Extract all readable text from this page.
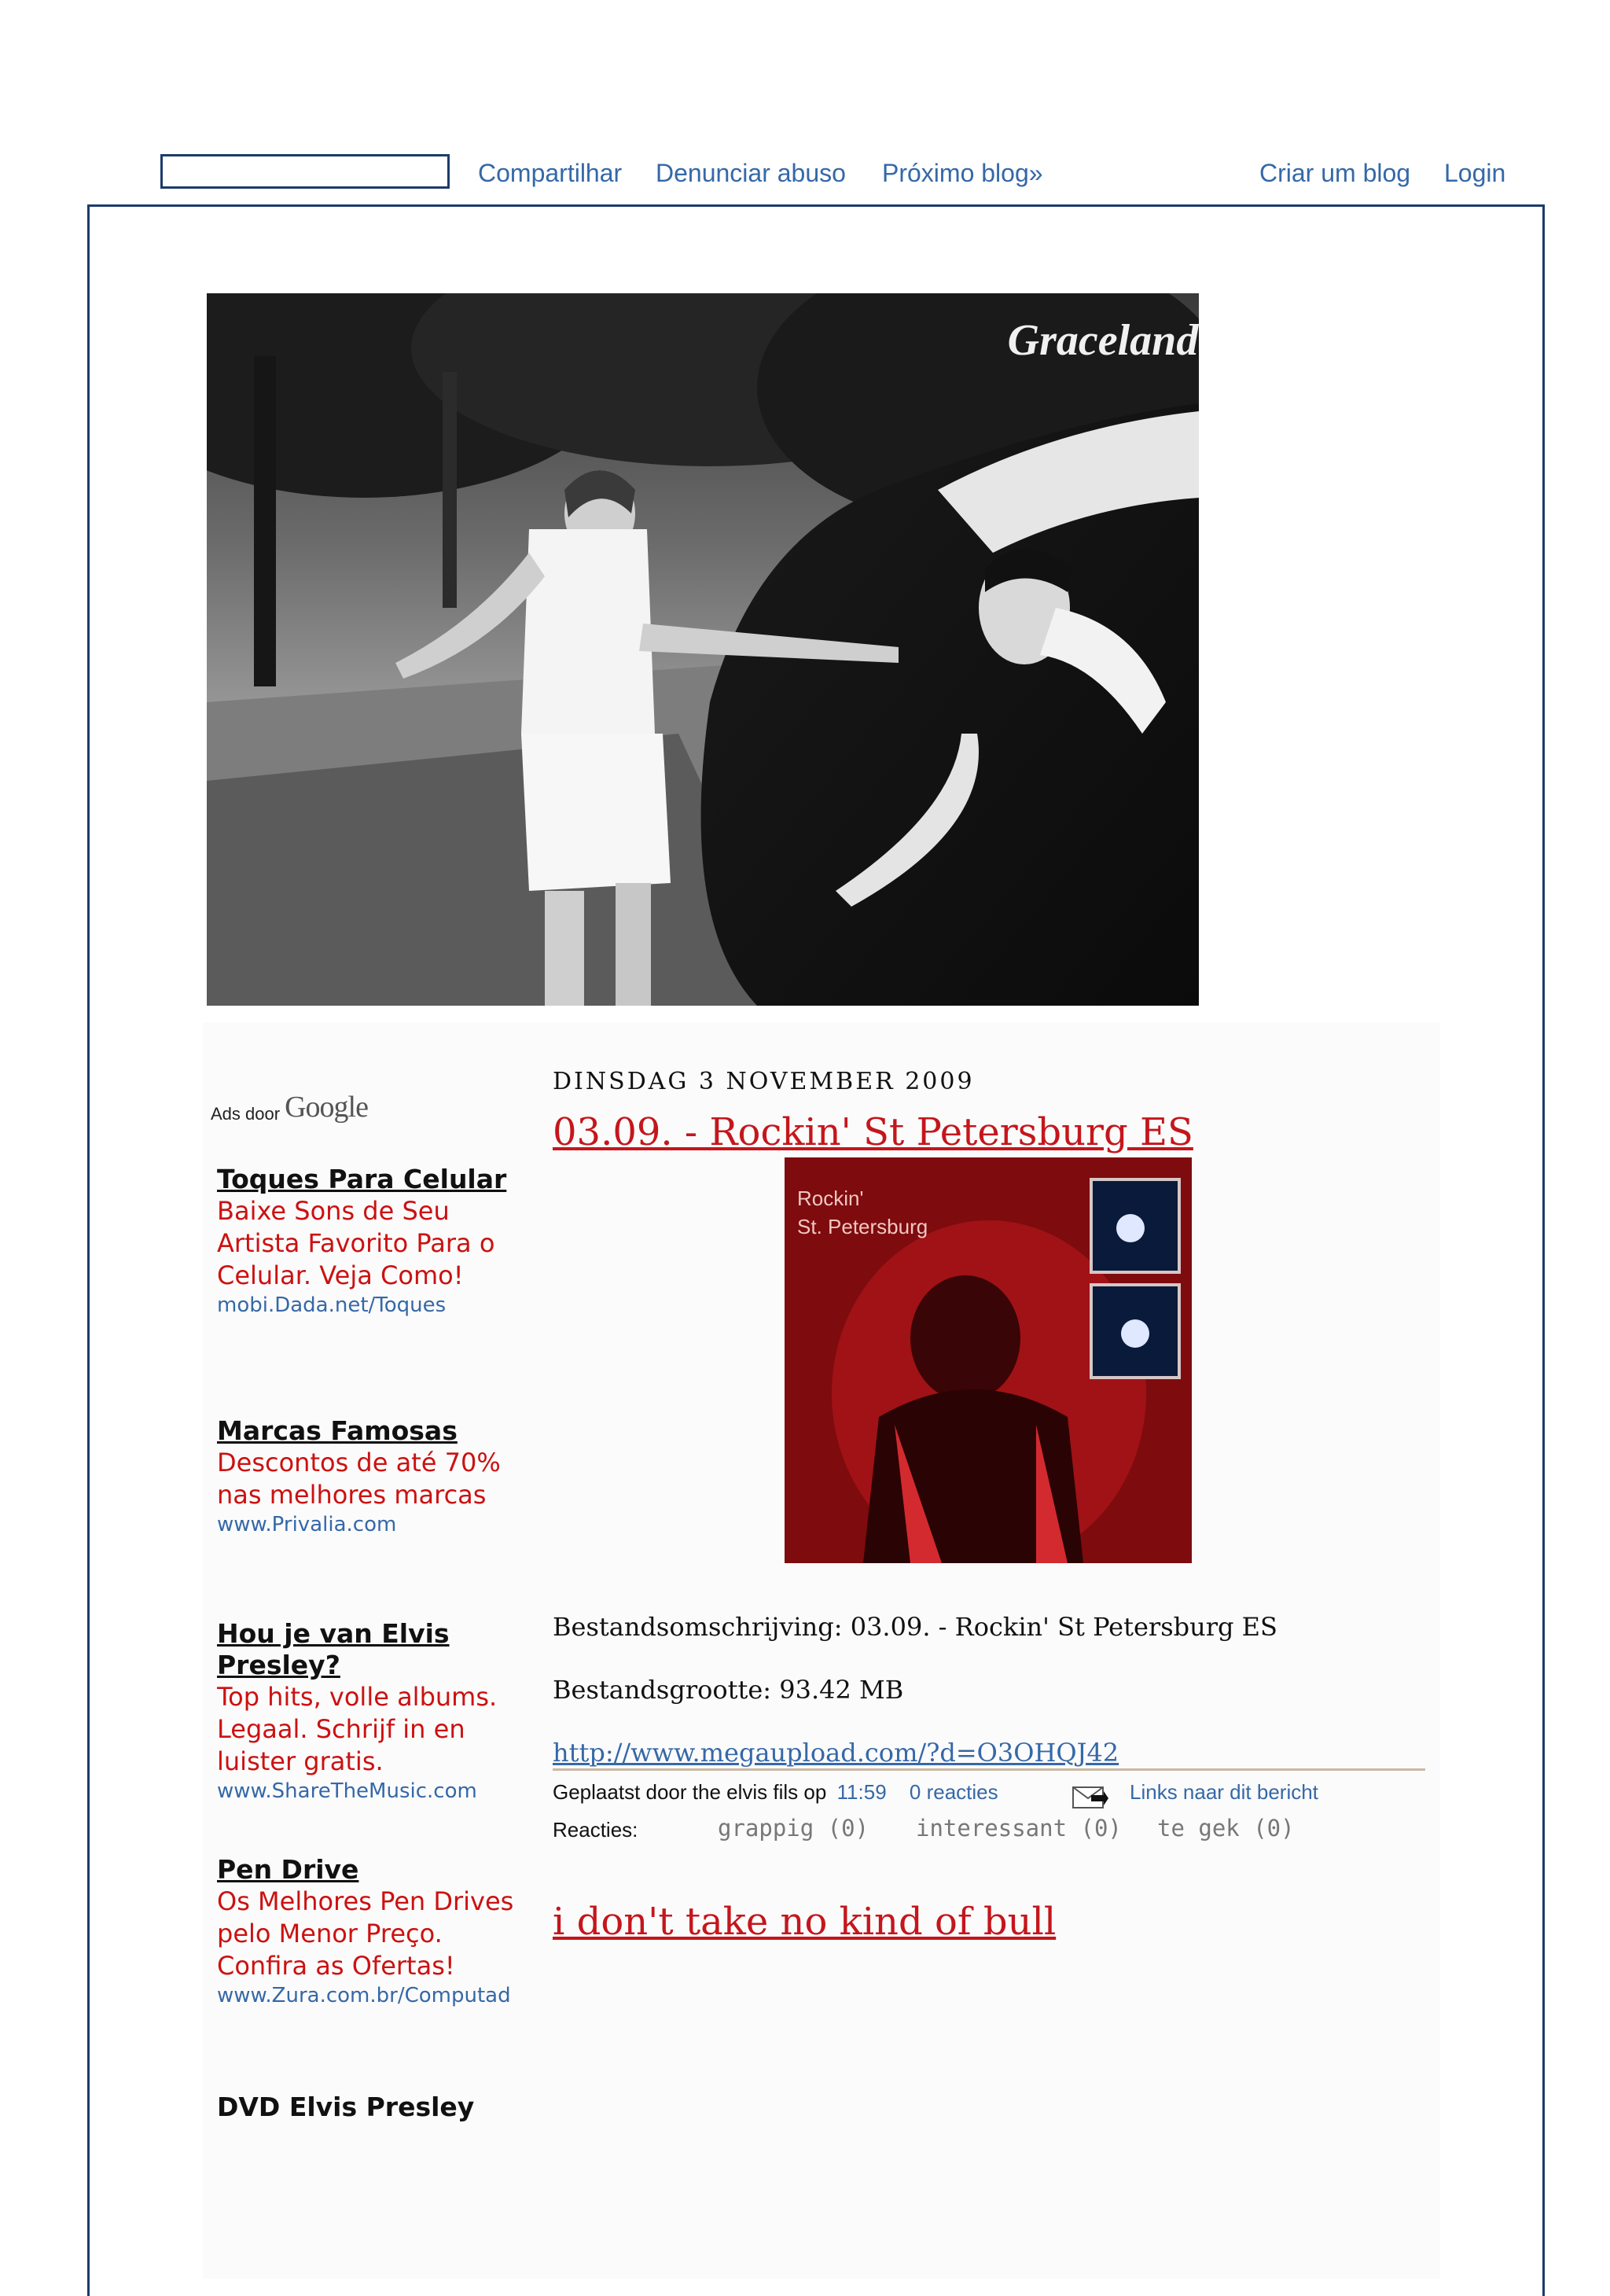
Compartilhar Denunciar abuso Próximo blog»	Criar um blog Login
Graceland
Ads door Google
Toques Para Celular
Baixe Sons de Seu Artista Favorito Para o Celular. Veja Como!
mobi.Dada.net/Toques
Marcas Famosas
Descontos de até 70% nas melhores marcas
www.Privalia.com
Hou je van Elvis Presley?
Top hits, volle albums. Legaal. Schrijf in en luister gratis.
www.ShareTheMusic.com
Pen Drive
Os Melhores Pen Drives pelo Menor Preço. Confira as Ofertas!
www.Zura.com.br/Computad
DVD Elvis Presley
DINSDAG 3 NOVEMBER 2009
03.09. - Rockin' St Petersburg ES
Rockin'
St. Petersburg
Bestandsomschrijving: 03.09. - Rockin' St Petersburg ES
Bestandsgrootte: 93.42 MB
http://www.megaupload.com/?d=O3OHQJ42
Geplaatst door the elvis fils op 11:59 0 reacties	Links naar dit bericht
Reacties:	grappig (0) interessant (0) te gek (0)
i don't take no kind of bull
